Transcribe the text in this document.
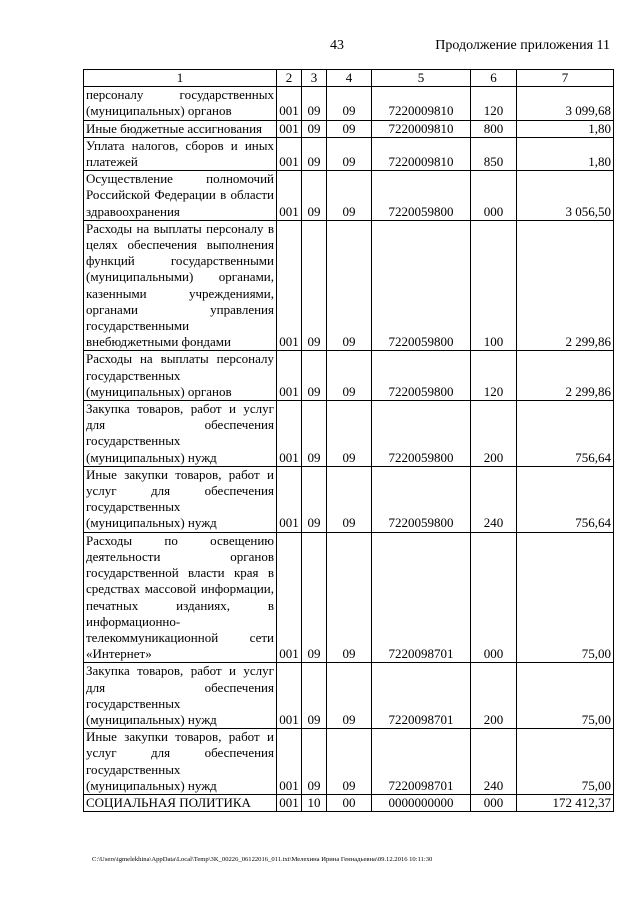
43	Продолжение приложения 11
1	2	3	4	5	6	7
персоналу государственных (муниципальных) органов	001	09	09	7220009810	120	3 099,68
Иные бюджетные ассигнования	001	09	09	7220009810	800	1,80
Уплата налогов, сборов и иных платежей	001	09	09	7220009810	850	1,80
Осуществление полномочий Российской Федерации в области здравоохранения	001	09	09	7220059800	000	3 056,50
Расходы на выплаты персоналу в целях обеспечения выполнения функций государственными (муниципальными) органами, казенными учреждениями, органами управления государственными внебюджетными фондами	001	09	09	7220059800	100	2 299,86
Расходы на выплаты персоналу государственных (муниципальных) органов	001	09	09	7220059800	120	2 299,86
Закупка товаров, работ и услуг для обеспечения государственных (муниципальных) нужд	001	09	09	7220059800	200	756,64
Иные закупки товаров, работ и услуг для обеспечения государственных (муниципальных) нужд	001	09	09	7220059800	240	756,64
Расходы по освещению деятельности органов государственной власти края в средствах массовой информации, печатных изданиях, в информационно-телекоммуникационной сети «Интернет»	001	09	09	7220098701	000	75,00
Закупка товаров, работ и услуг для обеспечения государственных (муниципальных) нужд	001	09	09	7220098701	200	75,00
Иные закупки товаров, работ и услуг для обеспечения государственных (муниципальных) нужд	001	09	09	7220098701	240	75,00
СОЦИАЛЬНАЯ ПОЛИТИКА	001	10	00	0000000000	000	172 412,37
C:\Users\igmelekhina\AppData\Local\Temp\3K_00226_06122016_011.txt\Мелехина Ирина Геннадьевна\09.12.2016 10:11:30
